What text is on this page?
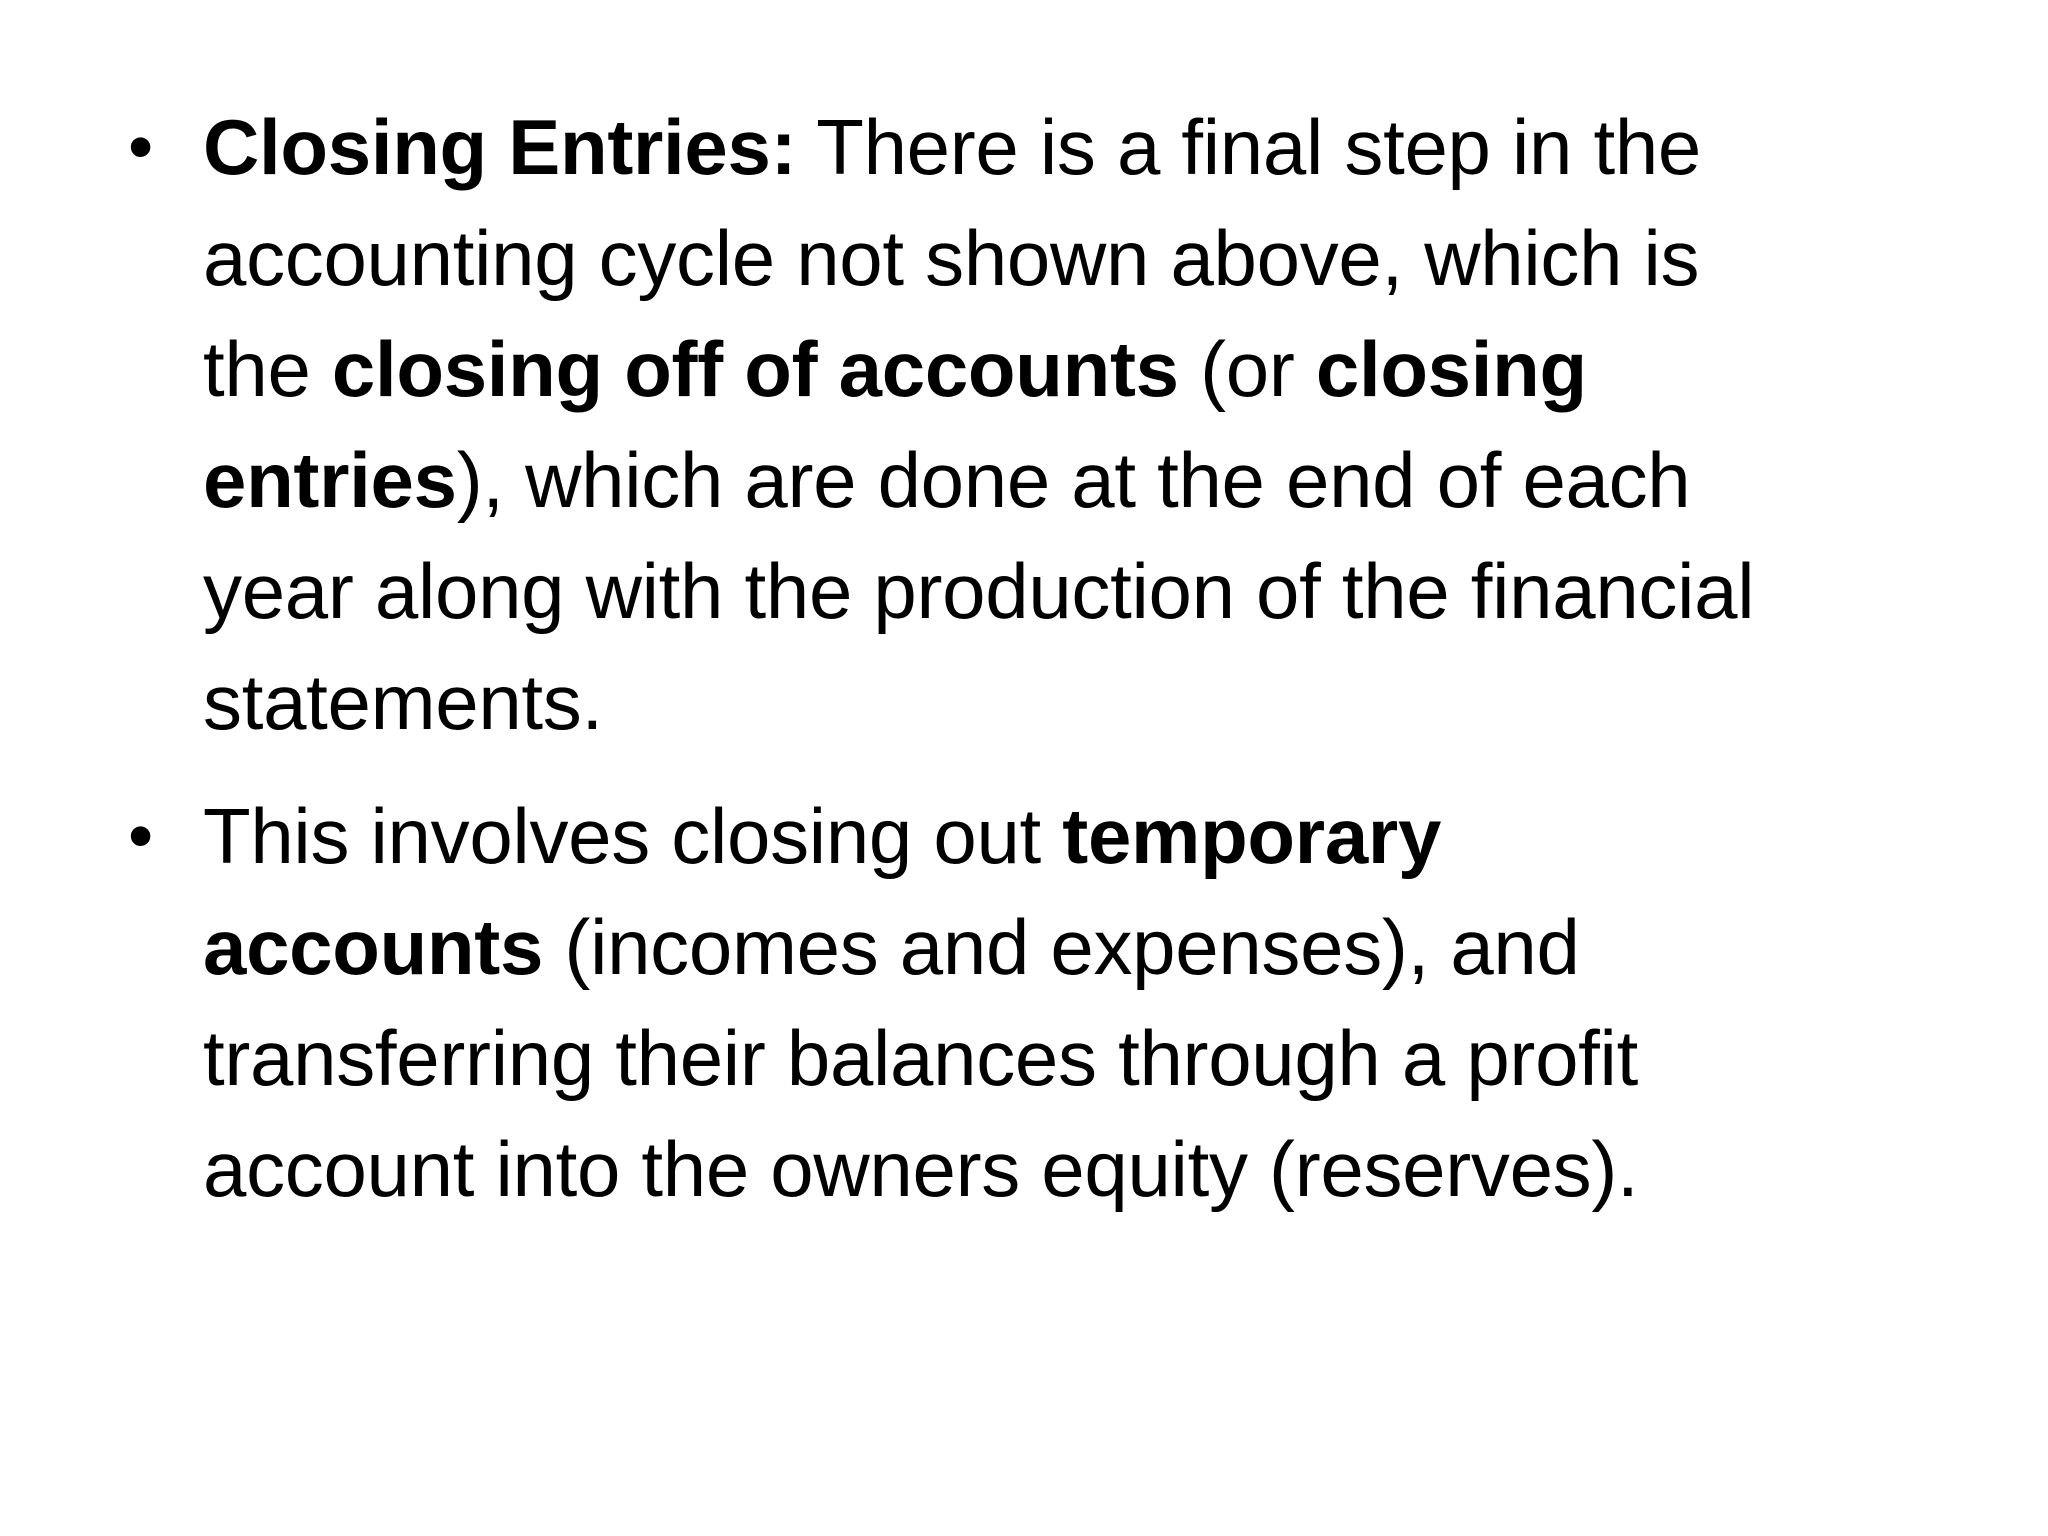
• Closing Entries: There is a final step in the
accounting cycle not shown above, which is
the closing off of accounts (or closing
entries), which are done at the end of each
year along with the production of the financial
statements.
• This involves closing out temporary
accounts (incomes and expenses), and
transferring their balances through a profit
account into the owners equity (reserves).
